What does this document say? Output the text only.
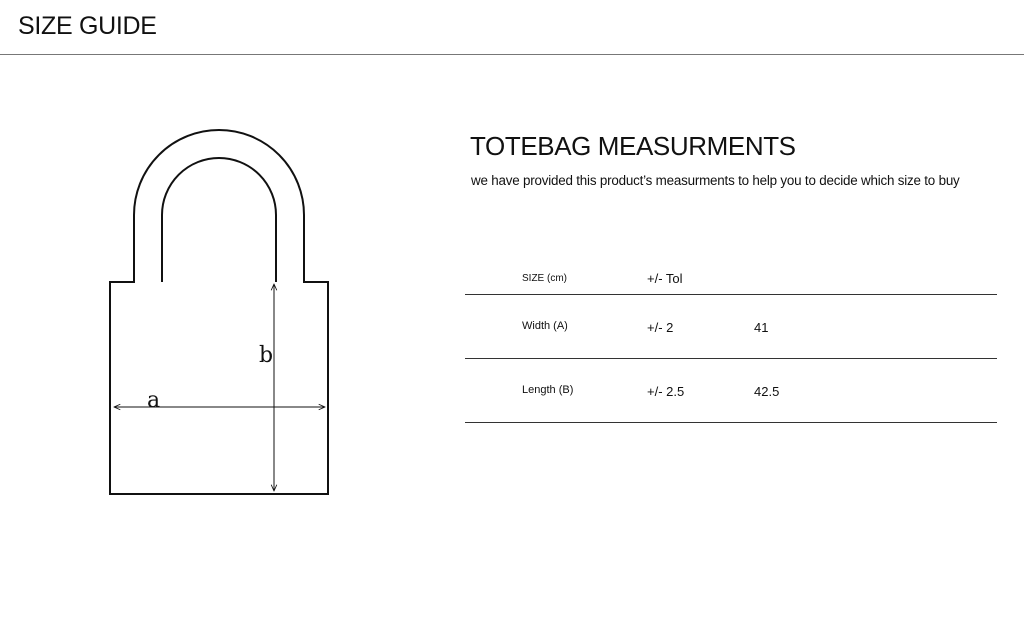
SIZE GUIDE
a
b
TOTEBAG MEASURMENTS
we have provided this product’s measurments to help you to decide which size to buy
SIZE (cm)	+/- Tol
Width (A)	+/- 2	41
Length (B)	+/- 2.5	42.5
